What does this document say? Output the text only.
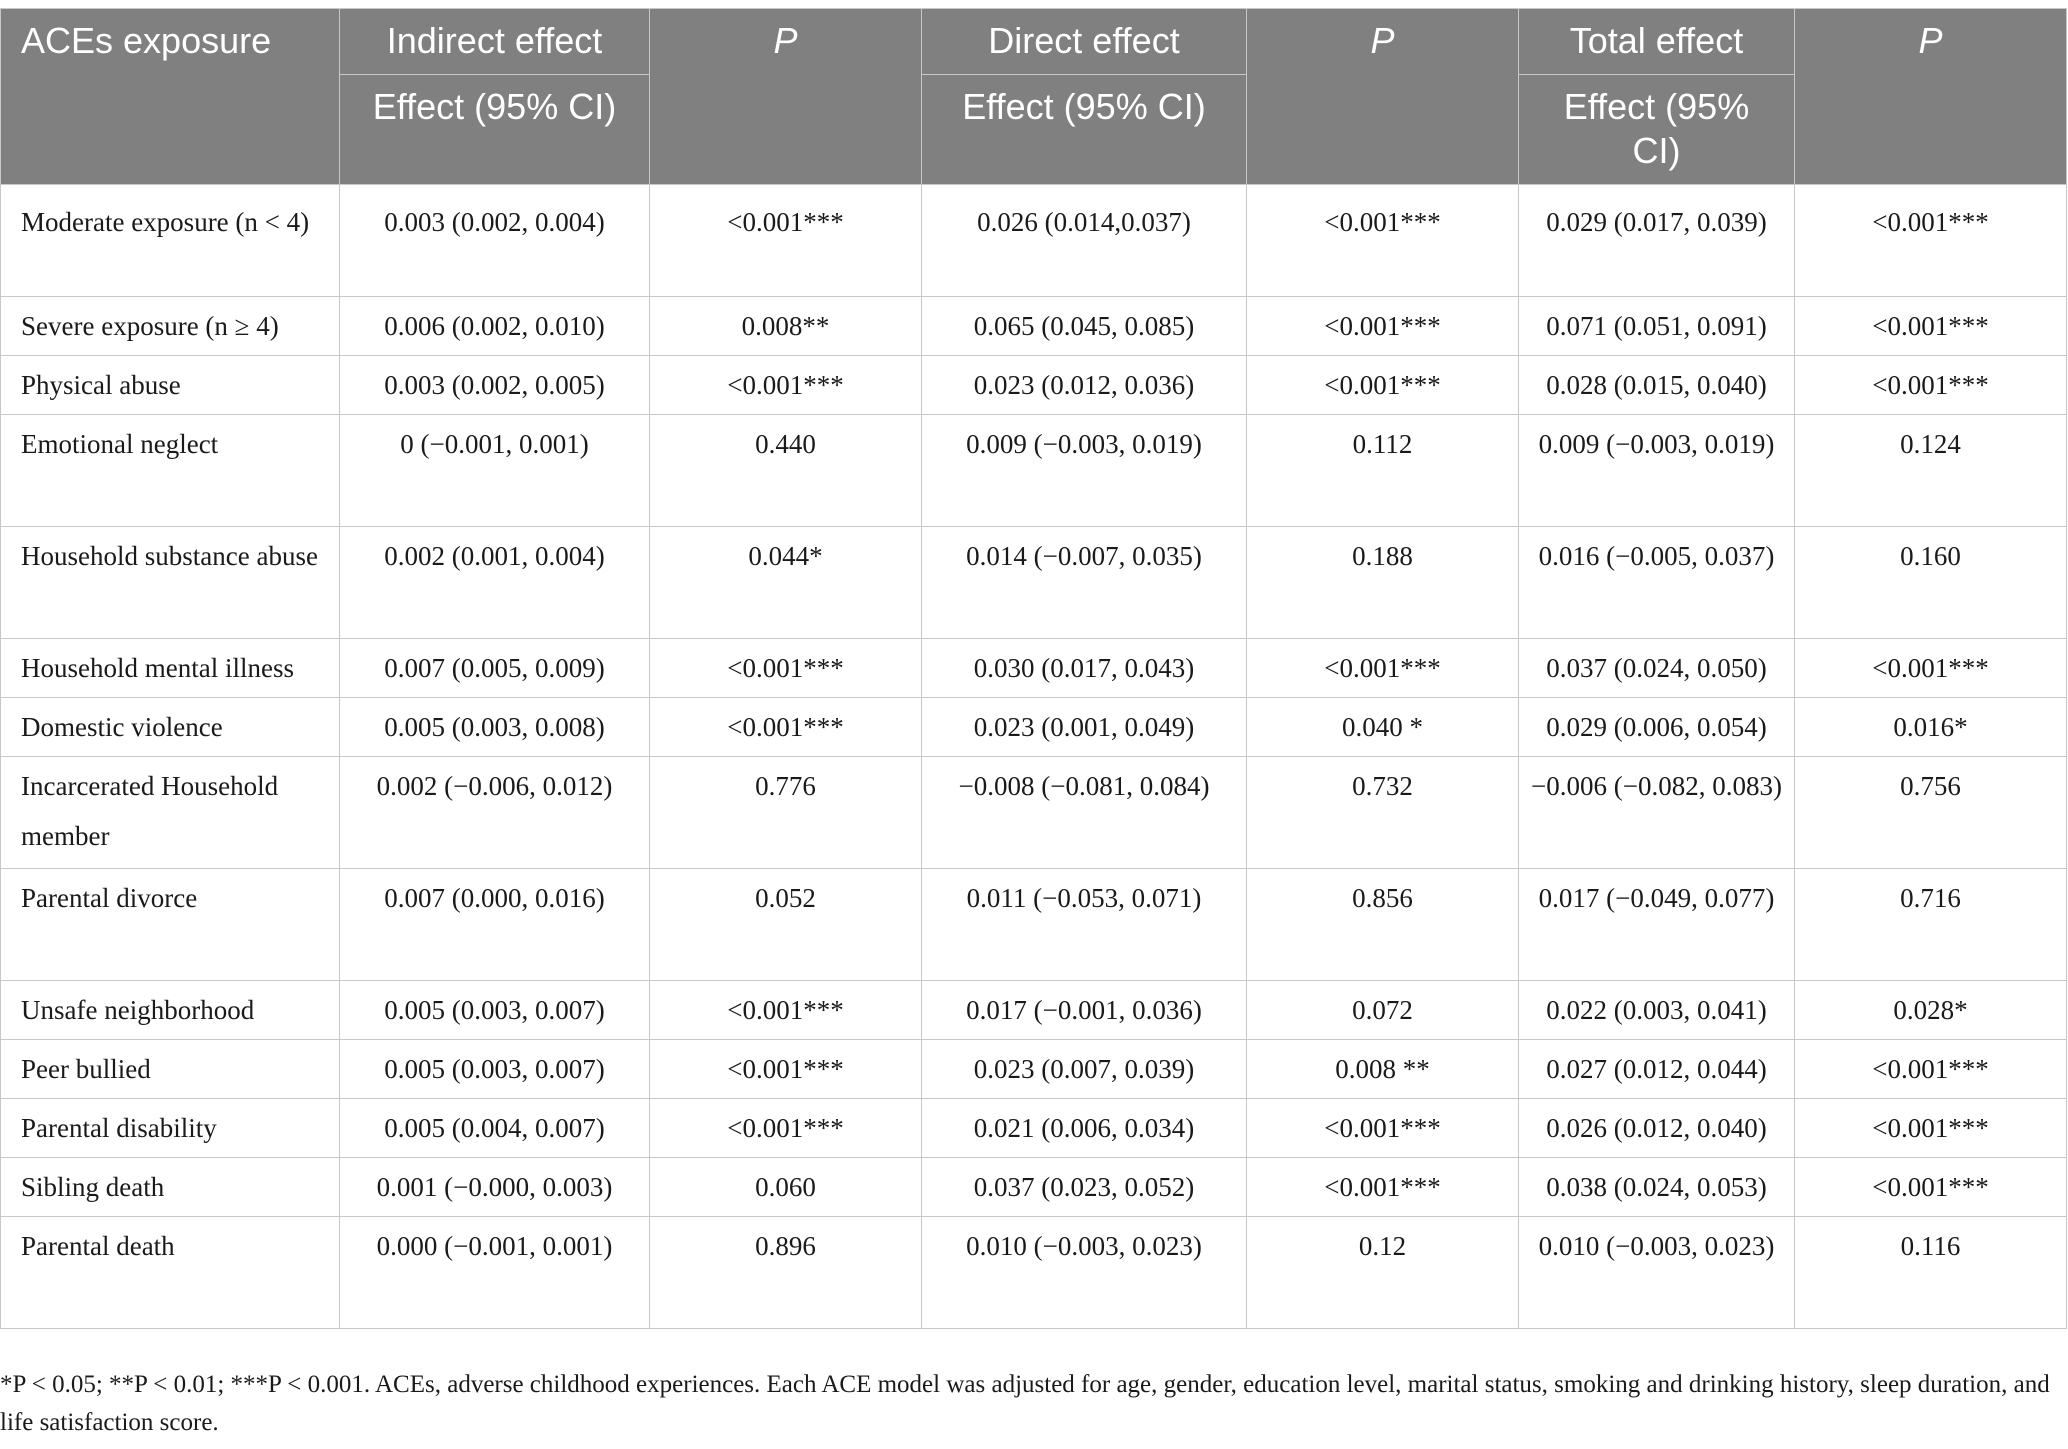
ACEs exposure	Indirect effect	P	Direct effect	P	Total effect	P
	Effect (95% CI)		Effect (95% CI)		Effect (95% CI)	
Moderate exposure (n < 4)	0.003 (0.002, 0.004)	<0.001***	0.026 (0.014,0.037)	<0.001***	0.029 (0.017, 0.039)	<0.001***
Severe exposure (n ≥ 4)	0.006 (0.002, 0.010)	0.008**	0.065 (0.045, 0.085)	<0.001***	0.071 (0.051, 0.091)	<0.001***
Physical abuse	0.003 (0.002, 0.005)	<0.001***	0.023 (0.012, 0.036)	<0.001***	0.028 (0.015, 0.040)	<0.001***
Emotional neglect	0 (−0.001, 0.001)	0.440	0.009 (−0.003, 0.019)	0.112	0.009 (−0.003, 0.019)	0.124
Household substance abuse	0.002 (0.001, 0.004)	0.044*	0.014 (−0.007, 0.035)	0.188	0.016 (−0.005, 0.037)	0.160
Household mental illness	0.007 (0.005, 0.009)	<0.001***	0.030 (0.017, 0.043)	<0.001***	0.037 (0.024, 0.050)	<0.001***
Domestic violence	0.005 (0.003, 0.008)	<0.001***	0.023 (0.001, 0.049)	0.040 *	0.029 (0.006, 0.054)	0.016*
Incarcerated Household member	0.002 (−0.006, 0.012)	0.776	−0.008 (−0.081, 0.084)	0.732	−0.006 (−0.082, 0.083)	0.756
Parental divorce	0.007 (0.000, 0.016)	0.052	0.011 (−0.053, 0.071)	0.856	0.017 (−0.049, 0.077)	0.716
Unsafe neighborhood	0.005 (0.003, 0.007)	<0.001***	0.017 (−0.001, 0.036)	0.072	0.022 (0.003, 0.041)	0.028*
Peer bullied	0.005 (0.003, 0.007)	<0.001***	0.023 (0.007, 0.039)	0.008 **	0.027 (0.012, 0.044)	<0.001***
Parental disability	0.005 (0.004, 0.007)	<0.001***	0.021 (0.006, 0.034)	<0.001***	0.026 (0.012, 0.040)	<0.001***
Sibling death	0.001 (−0.000, 0.003)	0.060	0.037 (0.023, 0.052)	<0.001***	0.038 (0.024, 0.053)	<0.001***
Parental death	0.000 (−0.001, 0.001)	0.896	0.010 (−0.003, 0.023)	0.12	0.010 (−0.003, 0.023)	0.116
*P < 0.05; **P < 0.01; ***P < 0.001. ACEs, adverse childhood experiences. Each ACE model was adjusted for age, gender, education level, marital status, smoking and drinking history, sleep duration, and life satisfaction score.
